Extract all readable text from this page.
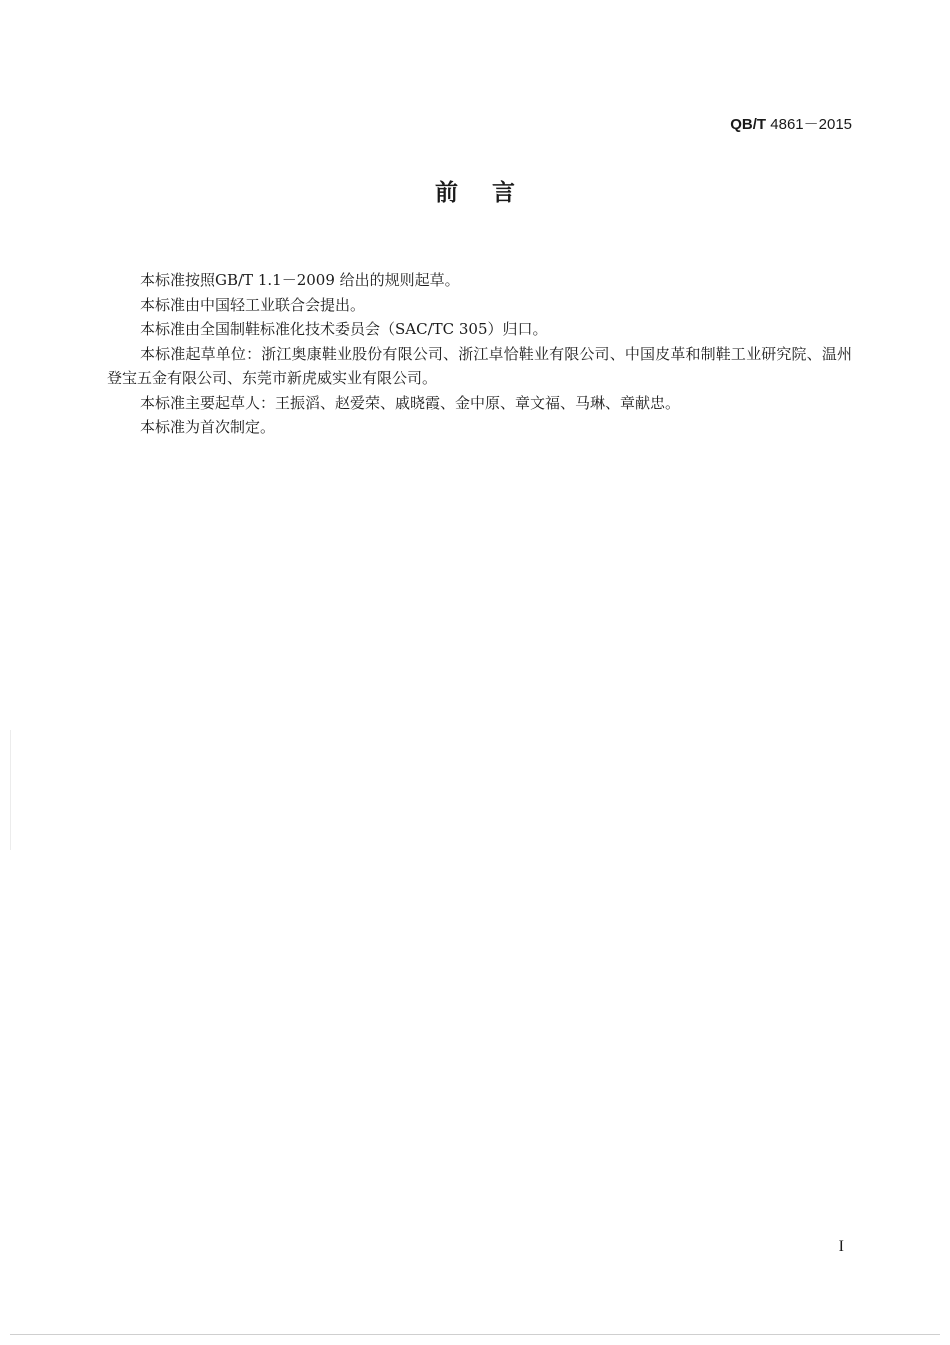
QB/T 4861－2015
前言

本标准按照GB/T 1.1－2009 给出的规则起草。

本标准由中国轻工业联合会提出。

本标准由全国制鞋标准化技术委员会（SAC/TC 305）归口。

本标准起草单位：浙江奥康鞋业股份有限公司、浙江卓恰鞋业有限公司、中国皮革和制鞋工业研究院、温州登宝五金有限公司、东莞市新虎威实业有限公司。

本标准主要起草人：王振滔、赵爱荣、戚晓霞、金中原、章文福、马琳、章献忠。

本标准为首次制定。

I
